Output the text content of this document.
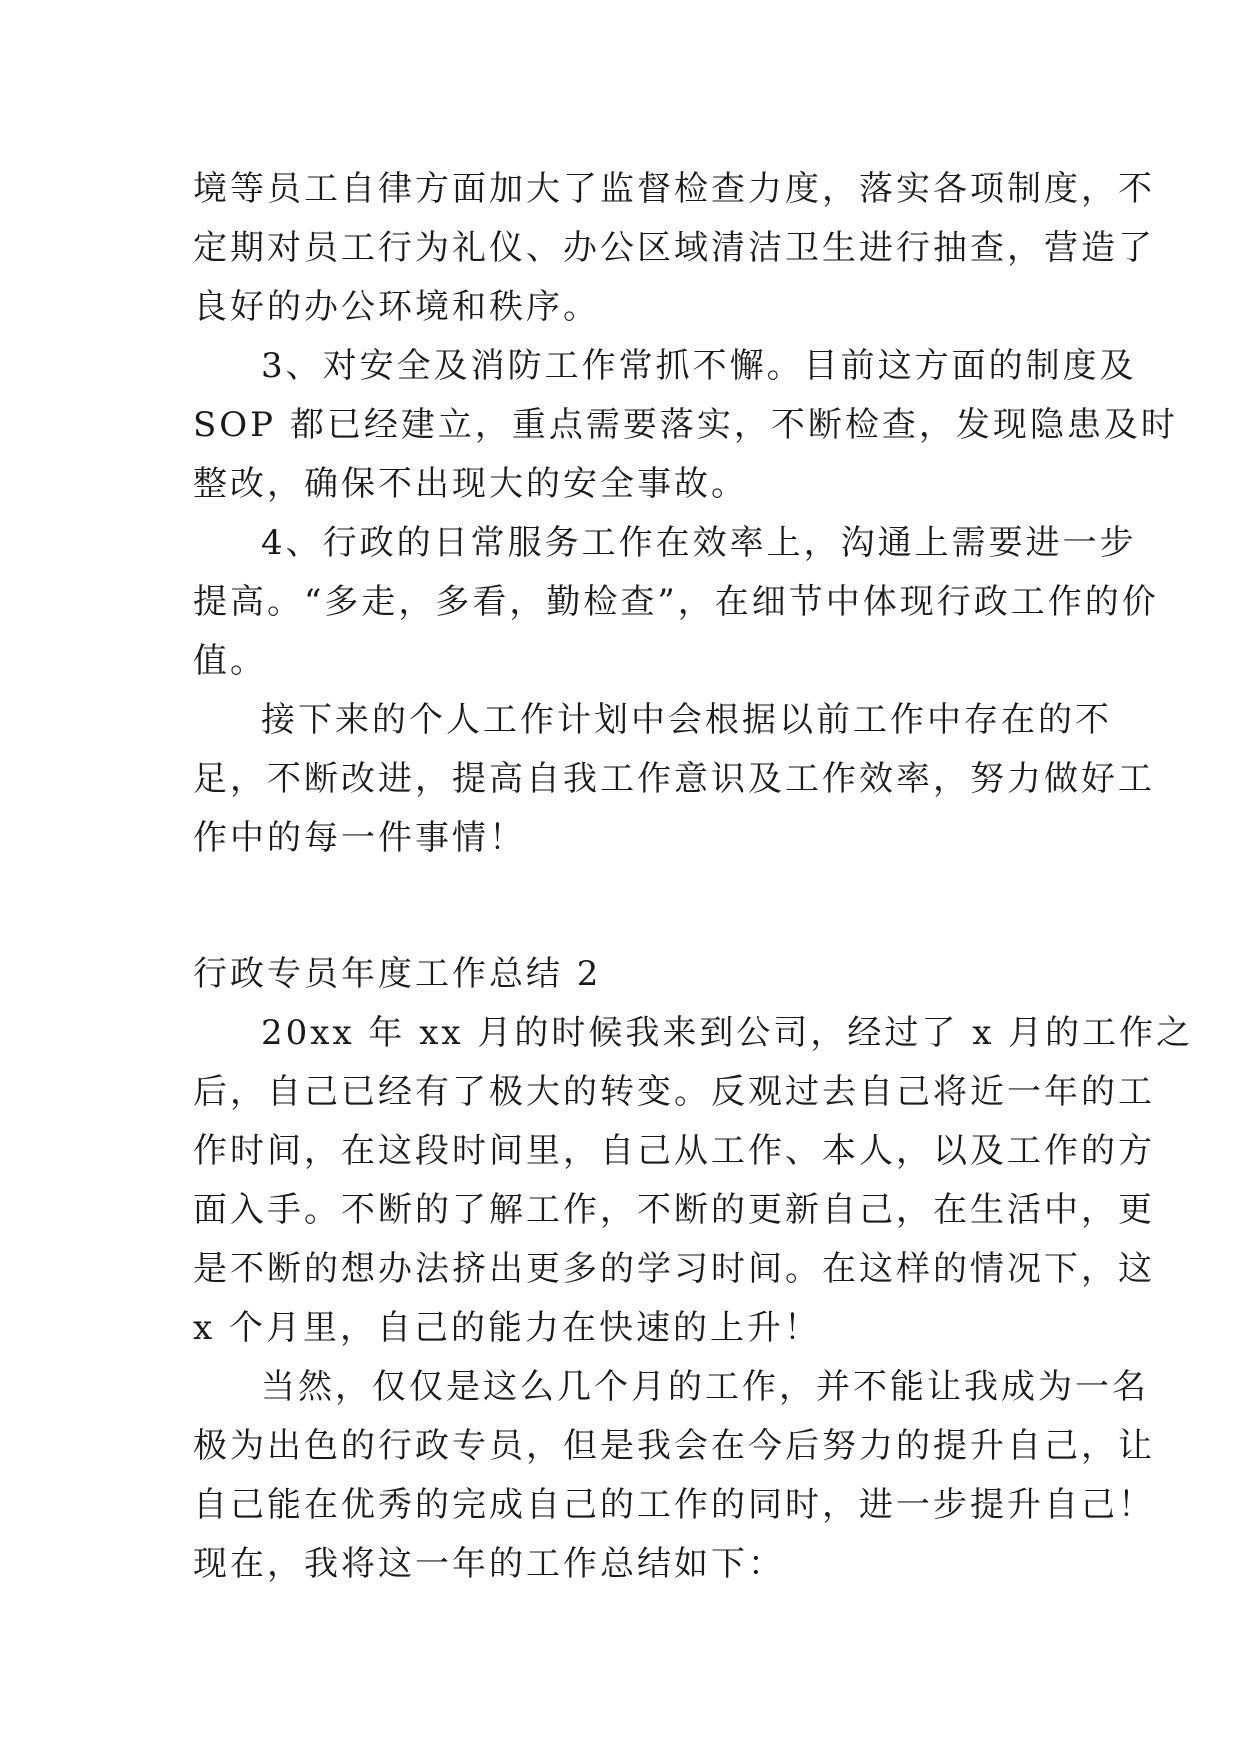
境等员工自律方面加大了监督检查力度，落实各项制度，不
定期对员工行为礼仪、办公区域清洁卫生进行抽查，营造了
良好的办公环境和秩序。
3、对安全及消防工作常抓不懈。目前这方面的制度及
SOP 都已经建立，重点需要落实，不断检查，发现隐患及时
整改，确保不出现大的安全事故。
4、行政的日常服务工作在效率上，沟通上需要进一步
提高。“多走，多看，勤检查”，在细节中体现行政工作的价
值。
接下来的个人工作计划中会根据以前工作中存在的不
足，不断改进，提高自我工作意识及工作效率，努力做好工
作中的每一件事情！
行政专员年度工作总结 2
20xx 年 xx 月的时候我来到公司，经过了 x 月的工作之
后，自己已经有了极大的转变。反观过去自己将近一年的工
作时间，在这段时间里，自己从工作、本人，以及工作的方
面入手。不断的了解工作，不断的更新自己，在生活中，更
是不断的想办法挤出更多的学习时间。在这样的情况下，这
x 个月里，自己的能力在快速的上升！
当然，仅仅是这么几个月的工作，并不能让我成为一名
极为出色的行政专员，但是我会在今后努力的提升自己，让
自己能在优秀的完成自己的工作的同时，进一步提升自己！
现在，我将这一年的工作总结如下：
